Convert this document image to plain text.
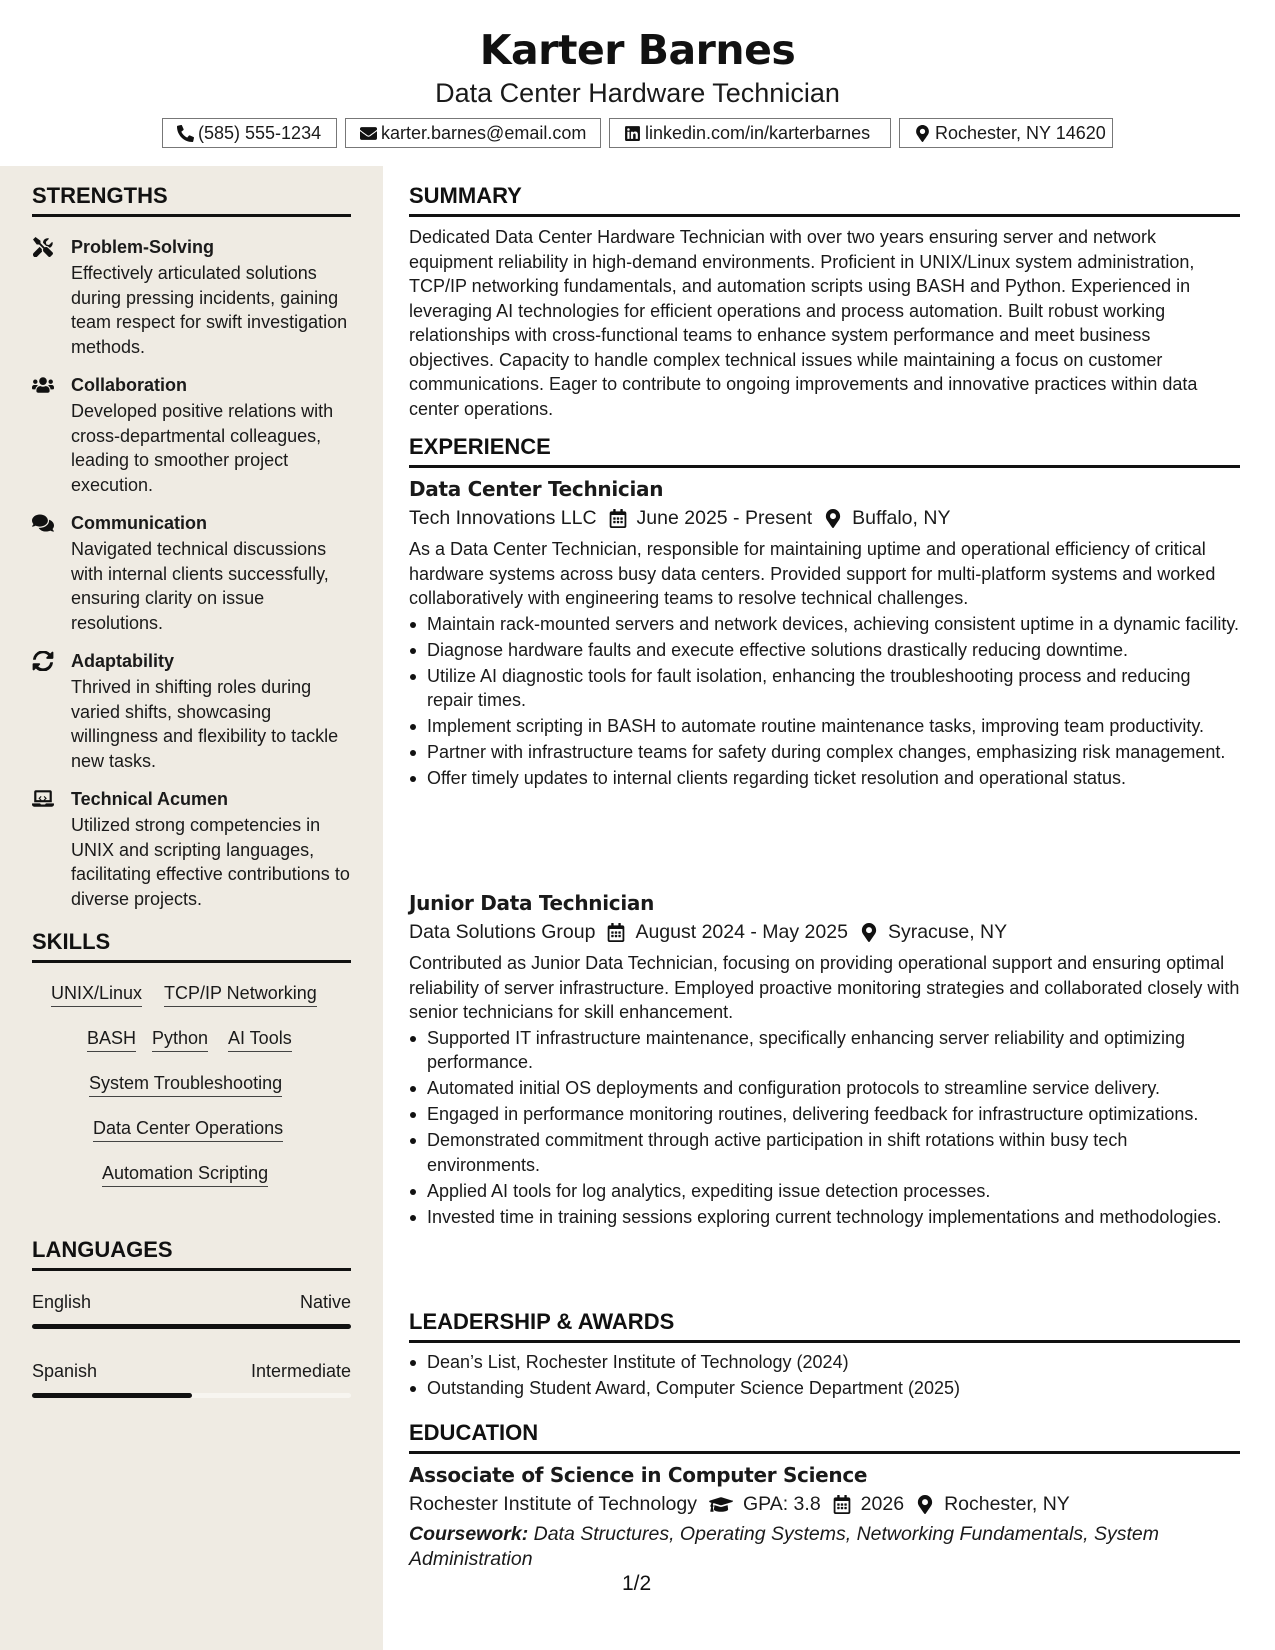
Karter Barnes
Data Center Hardware Technician
(585) 555-1234	karter.barnes@email.com	linkedin.com/in/karterbarnes	Rochester, NY 14620
STRENGTHS
Problem-Solving
Effectively articulated solutions during pressing incidents, gaining team respect for swift investigation methods.
Collaboration
Developed positive relations with cross-departmental colleagues, leading to smoother project execution.
Communication
Navigated technical discussions with internal clients successfully, ensuring clarity on issue resolutions.
Adaptability
Thrived in shifting roles during varied shifts, showcasing willingness and flexibility to tackle new tasks.
Technical Acumen
Utilized strong competencies in UNIX and scripting languages, facilitating effective contributions to diverse projects.
SKILLS
UNIX/Linux TCP/IP Networking
BASH Python AI Tools
System Troubleshooting
Data Center Operations
Automation Scripting
LANGUAGES
English	Native
Spanish	Intermediate
SUMMARY
Dedicated Data Center Hardware Technician with over two years ensuring server and network equipment reliability in high-demand environments. Proficient in UNIX/Linux system administration, TCP/IP networking fundamentals, and automation scripts using BASH and Python. Experienced in leveraging AI technologies for efficient operations and process automation. Built robust working relationships with cross-functional teams to enhance system performance and meet business objectives. Capacity to handle complex technical issues while maintaining a focus on customer communications. Eager to contribute to ongoing improvements and innovative practices within data center operations.
EXPERIENCE
Data Center Technician
Tech Innovations LLC June 2025 - Present Buffalo, NY
As a Data Center Technician, responsible for maintaining uptime and operational efficiency of critical hardware systems across busy data centers. Provided support for multi-platform systems and worked collaboratively with engineering teams to resolve technical challenges.
Maintain rack-mounted servers and network devices, achieving consistent uptime in a dynamic facility.
Diagnose hardware faults and execute effective solutions drastically reducing downtime.
Utilize AI diagnostic tools for fault isolation, enhancing the troubleshooting process and reducing repair times.
Implement scripting in BASH to automate routine maintenance tasks, improving team productivity.
Partner with infrastructure teams for safety during complex changes, emphasizing risk management.
Offer timely updates to internal clients regarding ticket resolution and operational status.
Junior Data Technician
Data Solutions Group August 2024 - May 2025 Syracuse, NY
Contributed as Junior Data Technician, focusing on providing operational support and ensuring optimal reliability of server infrastructure. Employed proactive monitoring strategies and collaborated closely with senior technicians for skill enhancement.
Supported IT infrastructure maintenance, specifically enhancing server reliability and optimizing performance.
Automated initial OS deployments and configuration protocols to streamline service delivery.
Engaged in performance monitoring routines, delivering feedback for infrastructure optimizations.
Demonstrated commitment through active participation in shift rotations within busy tech environments.
Applied AI tools for log analytics, expediting issue detection processes.
Invested time in training sessions exploring current technology implementations and methodologies.
LEADERSHIP & AWARDS
Dean’s List, Rochester Institute of Technology (2024)
Outstanding Student Award, Computer Science Department (2025)
EDUCATION
Associate of Science in Computer Science
Rochester Institute of Technology GPA: 3.8 2026 Rochester, NY
Coursework: Data Structures, Operating Systems, Networking Fundamentals, System Administration
1/2
